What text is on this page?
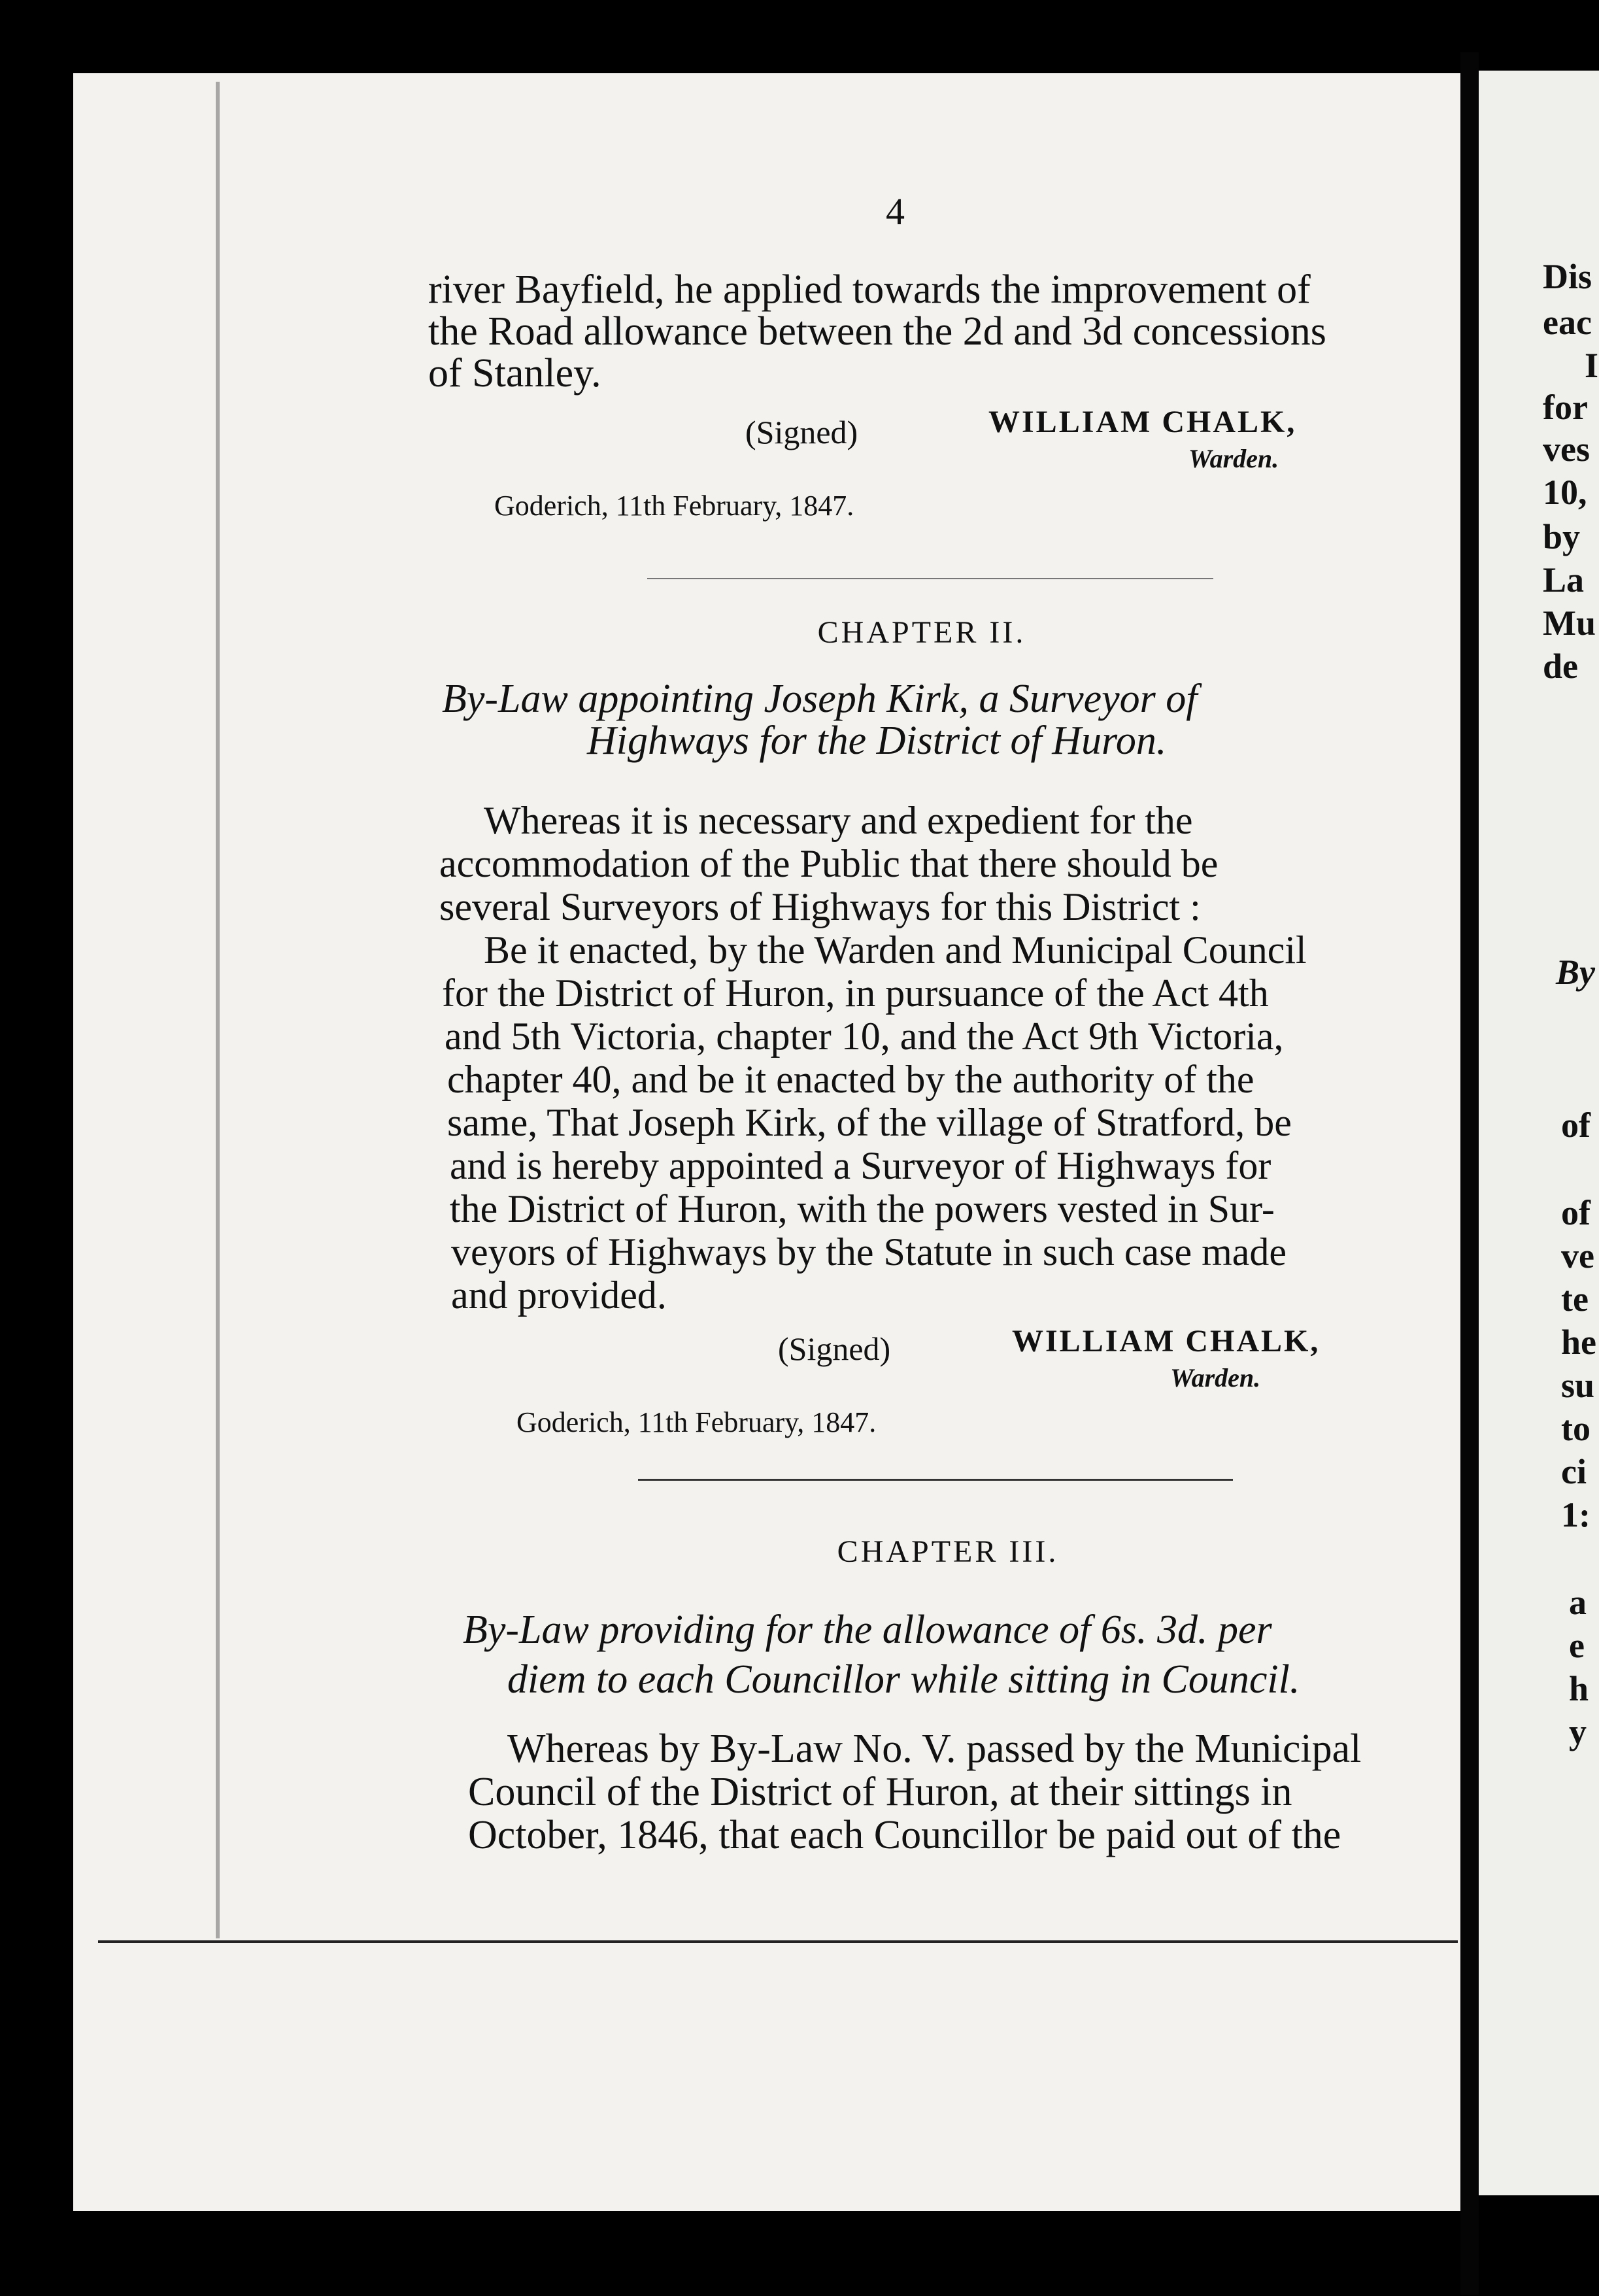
4
river Bayfield, he applied towards the improvement of
the Road allowance between the 2d and 3d concessions
of Stanley.
(Signed)	WILLIAM CHALK,
Warden.
Goderich, 11th February, 1847.
CHAPTER II.
By-Law appointing Joseph Kirk, a Surveyor of
Highways for the District of Huron.
Whereas it is necessary and expedient for the
accommodation of the Public that there should be
several Surveyors of Highways for this District :
Be it enacted, by the Warden and Municipal Council
for the District of Huron, in pursuance of the Act 4th
and 5th Victoria, chapter 10, and the Act 9th Victoria,
chapter 40, and be it enacted by the authority of the
same, That Joseph Kirk, of the village of Stratford, be
and is hereby appointed a Surveyor of Highways for
the District of Huron, with the powers vested in Sur-
veyors of Highways by the Statute in such case made
and provided.
(Signed)	WILLIAM CHALK,
Warden.
Goderich, 11th February, 1847.
CHAPTER III.
By-Law providing for the allowance of 6s. 3d. per
diem to each Councillor while sitting in Council.
Whereas by By-Law No. V. passed by the Municipal
Council of the District of Huron, at their sittings in
October, 1846, that each Councillor be paid out of the
Dis
eac
I
for
ves
10,
by
La
Mu
de
By
of
of
ve
te
he
su
to
ci
1:
a
e
h
y
